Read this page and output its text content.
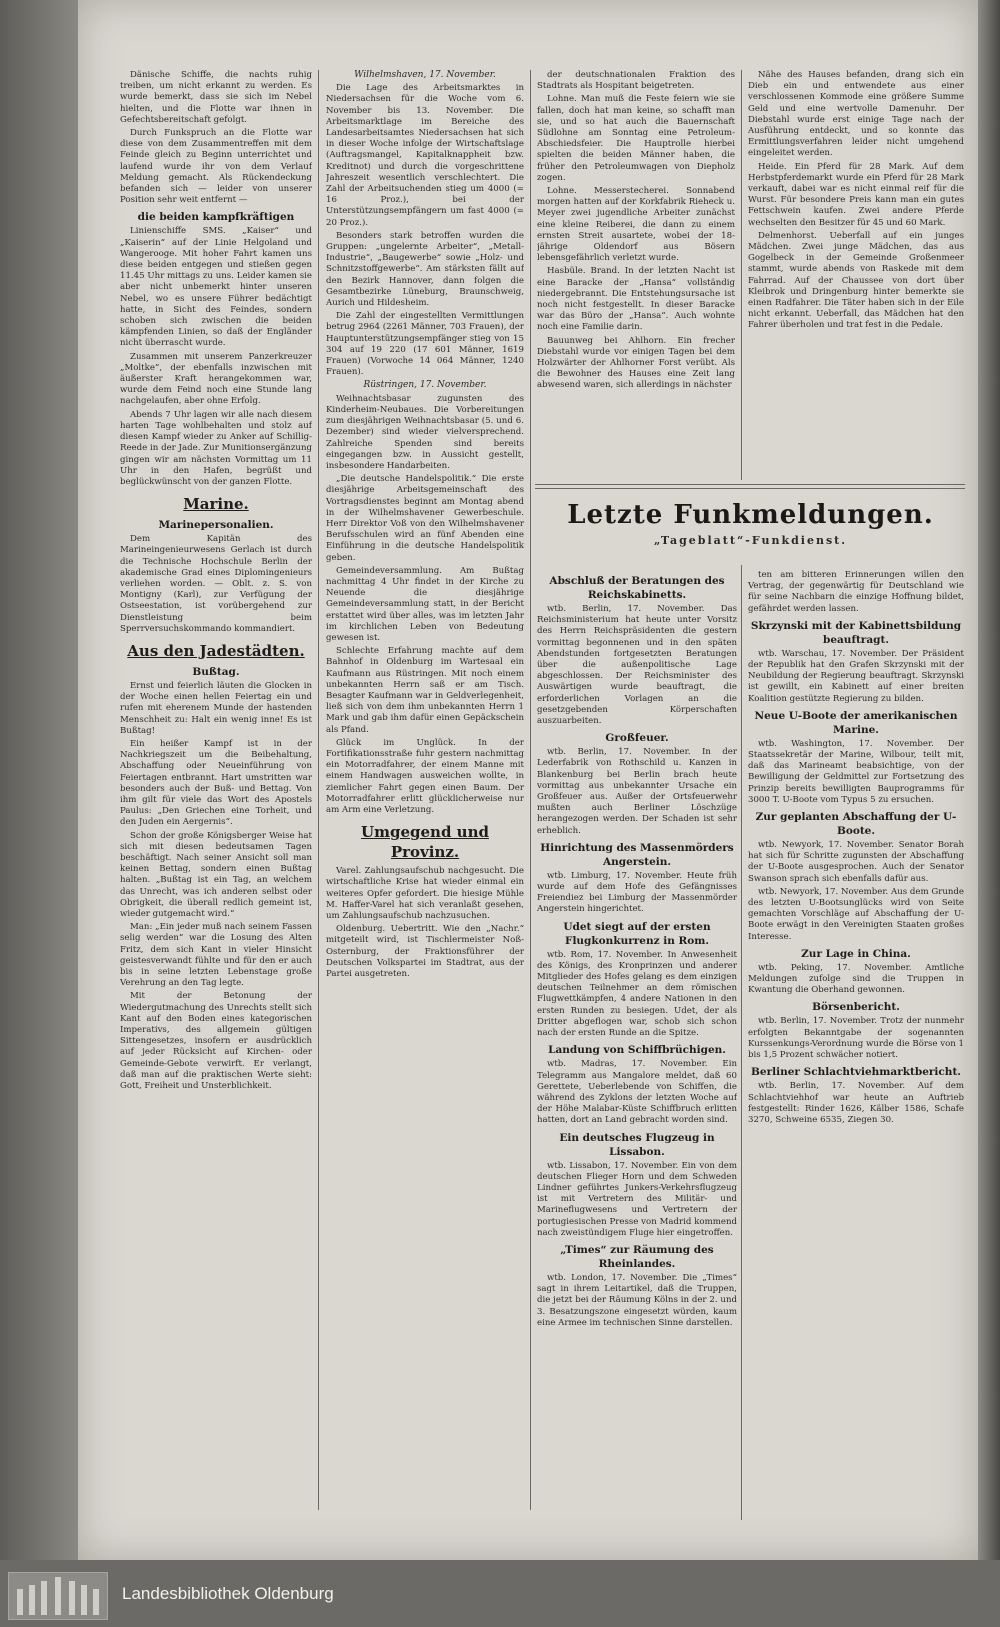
Dänische Schiffe, die nachts ruhig treiben, um nicht erkannt zu werden. Es wurde bemerkt, dass sie sich im Nebel hielten, und die Flotte war ihnen in Gefechtsbereitschaft gefolgt.

Durch Funkspruch an die Flotte war diese von dem Zusammentreffen mit dem Feinde gleich zu Beginn unterrichtet und laufend wurde ihr von dem Verlauf Meldung gemacht. Als Rückendeckung befanden sich — leider von unserer Position sehr weit entfernt —

die beiden kampfkräftigen

Linienschiffe SMS. „Kaiser“ und „Kaiserin“ auf der Linie Helgoland und Wangerooge. Mit hoher Fahrt kamen uns diese beiden entgegen und stießen gegen 11.45 Uhr mittags zu uns. Leider kamen sie aber nicht unbemerkt hinter unseren Nebel, wo es unsere Führer bedächtigt hatte, in Sicht des Feindes, sondern schoben sich zwischen die beiden kämpfenden Linien, so daß der Engländer nicht überrascht wurde.

Zusammen mit unserem Panzerkreuzer „Moltke“, der ebenfalls inzwischen mit äußerster Kraft herangekommen war, wurde dem Feind noch eine Stunde lang nachgelaufen, aber ohne Erfolg.

Abends 7 Uhr lagen wir alle nach diesem harten Tage wohlbehalten und stolz auf diesen Kampf wieder zu Anker auf Schillig-Reede in der Jade. Zur Munitionsergänzung gingen wir am nächsten Vormittag um 11 Uhr in den Hafen, begrüßt und beglückwünscht von der ganzen Flotte.

Marine.
Marinepersonalien.

Dem Kapitän des Marineingenieurwesens Gerlach ist durch die Technische Hochschule Berlin der akademische Grad eines Diplomingenieurs verliehen worden. — Oblt. z. S. von Montigny (Karl), zur Verfügung der Ostseestation, ist vorübergehend zur Dienstleistung beim Sperrversuchskommando kommandiert.

Aus den Jadestädten.
Bußtag.

Ernst und feierlich läuten die Glocken in der Woche einen hellen Feiertag ein und rufen mit eherenem Munde der hastenden Menschheit zu: Halt ein wenig inne! Es ist Bußtag!

Ein heißer Kampf ist in der Nachkriegszeit um die Beibehaltung, Abschaffung oder Neueinführung von Feiertagen entbrannt. Hart umstritten war besonders auch der Buß- und Bettag. Von ihm gilt für viele das Wort des Apostels Paulus: „Den Griechen eine Torheit, und den Juden ein Aergernis“.

Schon der große Königsberger Weise hat sich mit diesen bedeutsamen Tagen beschäftigt. Nach seiner Ansicht soll man keinen Bettag, sondern einen Bußtag halten. „Bußtag ist ein Tag, an welchem das Unrecht, was ich anderen selbst oder Obrigkeit, die überall redlich gemeint ist, wieder gutgemacht wird.“

Man: „Ein jeder muß nach seinem Fassen selig werden“ war die Losung des Alten Fritz, dem sich Kant in vieler Hinsicht geistesverwandt fühlte und für den er auch bis in seine letzten Lebenstage große Verehrung an den Tag legte.

Mit der Betonung der Wiedergutmachung des Unrechts stellt sich Kant auf den Boden eines kategorischen Imperativs, des allgemein gültigen Sittengesetzes, insofern er ausdrücklich auf jeder Rücksicht auf Kirchen- oder Gemeinde-Gebote verwirft. Er verlangt, daß man auf die praktischen Werte sieht: Gott, Freiheit und Unsterblichkeit.

Wilhelmshaven, 17. November.

Die Lage des Arbeitsmarktes in Niedersachsen für die Woche vom 6. November bis 13. November. Die Arbeitsmarktlage im Bereiche des Landesarbeitsamtes Niedersachsen hat sich in dieser Woche infolge der Wirtschaftslage (Auftragsmangel, Kapitalknappheit bzw. Kreditnot) und durch die vorgeschrittene Jahreszeit wesentlich verschlechtert. Die Zahl der Arbeitsuchenden stieg um 4000 (= 16 Proz.), bei der Unterstützungsempfängern um fast 4000 (= 20 Proz.).

Besonders stark betroffen wurden die Gruppen: „ungelernte Arbeiter“, „Metall-Industrie“, „Baugewerbe“ sowie „Holz- und Schnitzstoffgewerbe“. Am stärksten fällt auf den Bezirk Hannover, dann folgen die Gesamtbezirke Lüneburg, Braunschweig, Aurich und Hildesheim.

Die Zahl der eingestellten Vermittlungen betrug 2964 (2261 Männer, 703 Frauen), der Hauptunterstützungsempfänger stieg von 15 304 auf 19 220 (17 601 Männer, 1619 Frauen) (Vorwoche 14 064 Männer, 1240 Frauen).

Rüstringen, 17. November.

Weihnachtsbasar zugunsten des Kinderheim-Neubaues. Die Vorbereitungen zum diesjährigen Weihnachtsbasar (5. und 6. Dezember) sind wieder vielversprechend. Zahlreiche Spenden sind bereits eingegangen bzw. in Aussicht gestellt, insbesondere Handarbeiten.

„Die deutsche Handelspolitik.“ Die erste diesjährige Arbeitsgemeinschaft des Vortragsdienstes beginnt am Montag abend in der Wilhelmshavener Gewerbeschule. Herr Direktor Voß von den Wilhelmshavener Berufsschulen wird an fünf Abenden eine Einführung in die deutsche Handelspolitik geben.

Gemeindeversammlung. Am Bußtag nachmittag 4 Uhr findet in der Kirche zu Neuende die diesjährige Gemeindeversammlung statt, in der Bericht erstattet wird über alles, was im letzten Jahr im kirchlichen Leben von Bedeutung gewesen ist.

Schlechte Erfahrung machte auf dem Bahnhof in Oldenburg im Wartesaal ein Kaufmann aus Rüstringen. Mit noch einem unbekannten Herrn saß er am Tisch. Besagter Kaufmann war in Geldverlegenheit, ließ sich von dem ihm unbekannten Herrn 1 Mark und gab ihm dafür einen Gepäckschein als Pfand.

Glück im Unglück. In der Fortifikationsstraße fuhr gestern nachmittag ein Motorradfahrer, der einem Manne mit einem Handwagen ausweichen wollte, in ziemlicher Fahrt gegen einen Baum. Der Motorradfahrer erlitt glücklicherweise nur am Arm eine Verletzung.

Umgegend und Provinz.

Varel. Zahlungsaufschub nachgesucht. Die wirtschaftliche Krise hat wieder einmal ein weiteres Opfer gefordert. Die hiesige Mühle M. Haffer-Varel hat sich veranlaßt gesehen, um Zahlungsaufschub nachzusuchen.

Oldenburg. Uebertritt. Wie den „Nachr.“ mitgeteilt wird, ist Tischlermeister Noß-Osternburg, der Fraktionsführer der Deutschen Volkspartei im Stadtrat, aus der Partei ausgetreten.

der deutschnationalen Fraktion des Stadtrats als Hospitant beigetreten.

Lohne. Man muß die Feste feiern wie sie fallen, doch hat man keine, so schafft man sie, und so hat auch die Bauernschaft Südlohne am Sonntag eine Petroleum-Abschiedsfeier. Die Hauptrolle hierbei spielten die beiden Männer haben, die früher den Petroleumwagen von Diepholz zogen.

Lohne. Messerstecherei. Sonnabend morgen hatten auf der Korkfabrik Rieheck u. Meyer zwei jugendliche Arbeiter zunächst eine kleine Reiberei, die dann zu einem ernsten Streit ausartete, wobei der 18-jährige Oldendorf aus Bösern lebensgefährlich verletzt wurde.

Hasbüle. Brand. In der letzten Nacht ist eine Baracke der „Hansa“ vollständig niedergebrannt. Die Entstehungsursache ist noch nicht festgestellt. In dieser Baracke war das Büro der „Hansa“. Auch wohnte noch eine Familie darin.

Bauunweg bei Ahlhorn. Ein frecher Diebstahl wurde vor einigen Tagen bei dem Holzwärter der Ahlhorner Forst verübt. Als die Bewohner des Hauses eine Zeit lang abwesend waren, sich allerdings in nächster

Nähe des Hauses befanden, drang sich ein Dieb ein und entwendete aus einer verschlossenen Kommode eine größere Summe Geld und eine wertvolle Damenuhr. Der Diebstahl wurde erst einige Tage nach der Ausführung entdeckt, und so konnte das Ermittlungsverfahren leider nicht umgehend eingeleitet werden.

Heide. Ein Pferd für 28 Mark. Auf dem Herbstpferdemarkt wurde ein Pferd für 28 Mark verkauft, dabei war es nicht einmal reif für die Wurst. Für besondere Preis kann man ein gutes Fettschwein kaufen. Zwei andere Pferde wechselten den Besitzer für 45 und 60 Mark.

Delmenhorst. Ueberfall auf ein junges Mädchen. Zwei junge Mädchen, das aus Gogelbeck in der Gemeinde Großenmeer stammt, wurde abends von Raskede mit dem Fahrrad. Auf der Chaussee von dort über Kleibrok und Dringenburg hinter bemerkte sie einen Radfahrer. Die Täter haben sich in der Eile nicht erkannt. Ueberfall, das Mädchen hat den Fahrer überholen und trat fest in die Pedale.

Letzte Funkmeldungen.
„Tageblatt“-Funkdienst.
Abschluß der Beratungen des Reichskabinetts.

wtb. Berlin, 17. November. Das Reichsministerium hat heute unter Vorsitz des Herrn Reichspräsidenten die gestern vormittag begonnenen und in den späten Abendstunden fortgesetzten Beratungen über die außenpolitische Lage abgeschlossen. Der Reichsminister des Auswärtigen wurde beauftragt, die erforderlichen Vorlagen an die gesetzgebenden Körperschaften auszuarbeiten.

Großfeuer.

wtb. Berlin, 17. November. In der Lederfabrik von Rothschild u. Kanzen in Blankenburg bei Berlin brach heute vormittag aus unbekannter Ursache ein Großfeuer aus. Außer der Ortsfeuerwehr mußten auch Berliner Löschzüge herangezogen werden. Der Schaden ist sehr erheblich.

Hinrichtung des Massenmörders Angerstein.

wtb. Limburg, 17. November. Heute früh wurde auf dem Hofe des Gefängnisses Freiendiez bei Limburg der Massenmörder Angerstein hingerichtet.

Udet siegt auf der ersten Flugkonkurrenz in Rom.

wtb. Rom, 17. November. In Anwesenheit des Königs, des Kronprinzen und anderer Mitglieder des Hofes gelang es dem einzigen deutschen Teilnehmer an dem römischen Flugwettkämpfen, 4 andere Nationen in den ersten Runden zu besiegen. Udet, der als Dritter abgeflogen war, schob sich schon nach der ersten Runde an die Spitze.

Landung von Schiffbrüchigen.

wtb. Madras, 17. November. Ein Telegramm aus Mangalore meldet, daß 60 Gerettete, Ueberlebende von Schiffen, die während des Zyklons der letzten Woche auf der Höhe Malabar-Küste Schiffbruch erlitten hatten, dort an Land gebracht worden sind.

Ein deutsches Flugzeug in Lissabon.

wtb. Lissabon, 17. November. Ein von dem deutschen Flieger Horn und dem Schweden Lindner geführtes Junkers-Verkehrsflugzeug ist mit Vertretern des Militär- und Marineflugwesens und Vertretern der portugiesischen Presse von Madrid kommend nach zweistündigem Fluge hier eingetroffen.

„Times“ zur Räumung des Rheinlandes.

wtb. London, 17. November. Die „Times“ sagt in ihrem Leitartikel, daß die Truppen, die jetzt bei der Räumung Kölns in der 2. und 3. Besatzungszone eingesetzt würden, kaum eine Armee im technischen Sinne darstellen.

ten am bitteren Erinnerungen willen den Vertrag, der gegenwärtig für Deutschland wie für seine Nachbarn die einzige Hoffnung bildet, gefährdet werden lassen.

Skrzynski mit der Kabinettsbildung beauftragt.

wtb. Warschau, 17. November. Der Präsident der Republik hat den Grafen Skrzynski mit der Neubildung der Regierung beauftragt. Skrzynski ist gewillt, ein Kabinett auf einer breiten Koalition gestützte Regierung zu bilden.

Neue U-Boote der amerikanischen Marine.

wtb. Washington, 17. November. Der Staatssekretär der Marine, Wilbour, teilt mit, daß das Marineamt beabsichtige, von der Bewilligung der Geldmittel zur Fortsetzung des Prinzip bereits bewilligten Bauprogramms für 3000 T. U-Boote vom Typus 5 zu ersuchen.

Zur geplanten Abschaffung der U-Boote.

wtb. Newyork, 17. November. Senator Borah hat sich für Schritte zugunsten der Abschaffung der U-Boote ausgesprochen. Auch der Senator Swanson sprach sich ebenfalls dafür aus.

wtb. Newyork, 17. November. Aus dem Grunde des letzten U-Bootsunglücks wird von Seite gemachten Vorschläge auf Abschaffung der U-Boote erwägt in den Vereinigten Staaten großes Interesse.

Zur Lage in China.

wtb. Peking, 17. November. Amtliche Meldungen zufolge sind die Truppen in Kwantung die Oberhand gewonnen.

Börsenbericht.

wtb. Berlin, 17. November. Trotz der nunmehr erfolgten Bekanntgabe der sogenannten Kurssenkungs-Verordnung wurde die Börse von 1 bis 1,5 Prozent schwächer notiert.

Berliner Schlachtviehmarktbericht.

wtb. Berlin, 17. November. Auf dem Schlachtviehhof war heute an Auftrieb festgestellt: Rinder 1626, Kälber 1586, Schafe 3270, Schweine 6535, Ziegen 30.

Landesbibliothek Oldenburg
